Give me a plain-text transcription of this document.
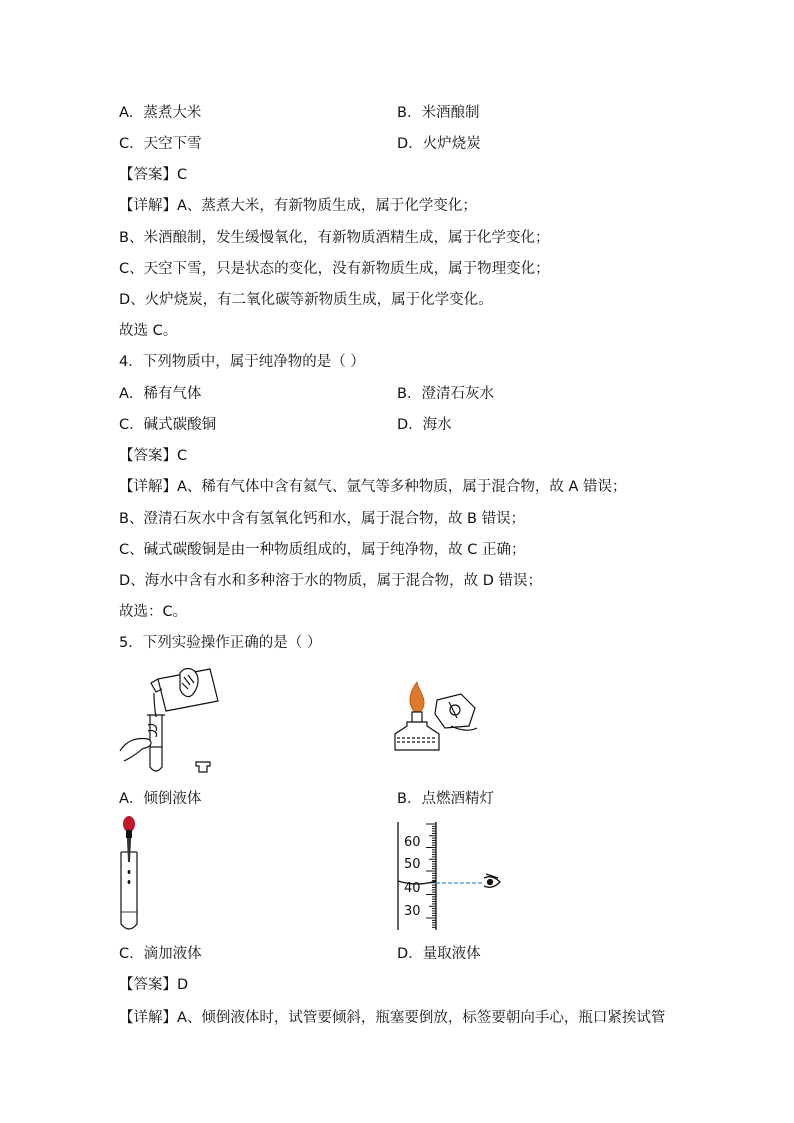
A．蒸煮大米	B．米酒酿制
C．天空下雪	D．火炉烧炭
【答案】C
【详解】A、蒸煮大米，有新物质生成，属于化学变化；
B、米酒酿制，发生缓慢氧化，有新物质酒精生成，属于化学变化；
C、天空下雪，只是状态的变化，没有新物质生成，属于物理变化；
D、火炉烧炭，有二氧化碳等新物质生成，属于化学变化。
故选 C。
4．下列物质中，属于纯净物的是（ ）
A．稀有气体	B．澄清石灰水
C．碱式碳酸铜	D．海水
【答案】C
【详解】A、稀有气体中含有氦气、氩气等多种物质，属于混合物，故 A 错误；
B、澄清石灰水中含有氢氧化钙和水，属于混合物，故 B 错误；
C、碱式碳酸铜是由一种物质组成的，属于纯净物，故 C 正确；
D、海水中含有水和多种溶于水的物质，属于混合物，故 D 错误；
故选：C。
5．下列实验操作正确的是（ ）
A．倾倒液体	B．点燃酒精灯
60
50
40
30
C．滴加液体	D．量取液体
【答案】D
【详解】A、倾倒液体时，试管要倾斜，瓶塞要倒放，标签要朝向手心，瓶口紧挨试管
